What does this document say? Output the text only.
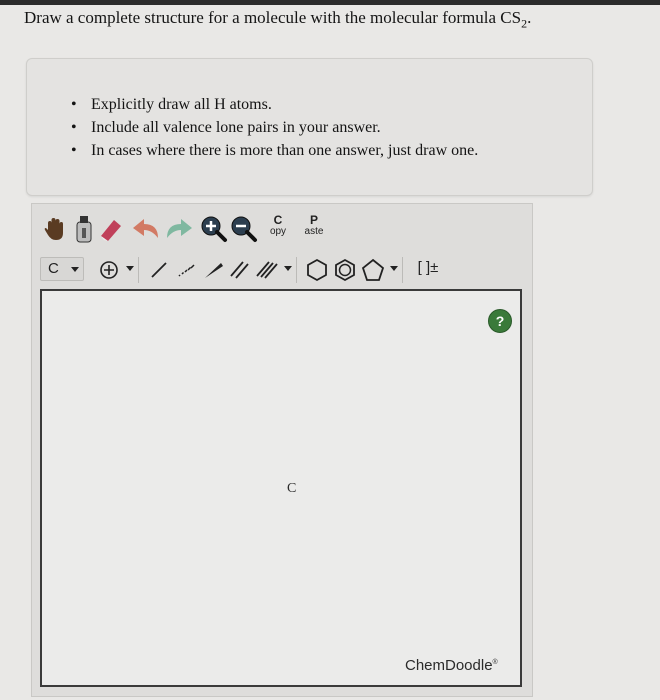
Draw a complete structure for a molecule with the molecular formula $CS_2$.
• Explicitly draw all H atoms.
• Include all valence lone pairs in your answer.
• In cases where there is more than one answer, just draw one.
C
opy
P
aste
C	[ ]±
?
C
ChemDoodle®
